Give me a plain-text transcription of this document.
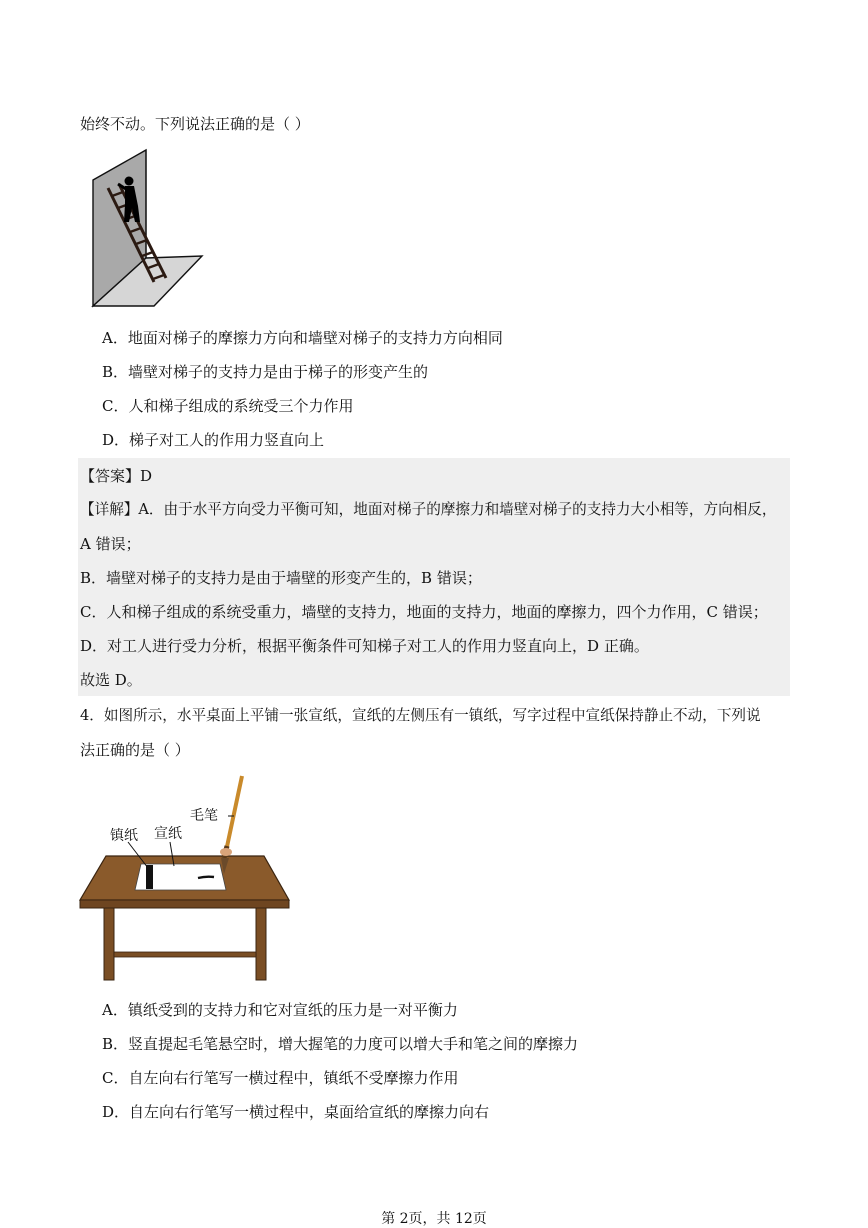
始终不动。下列说法正确的是（ ）
A．地面对梯子的摩擦力方向和墙壁对梯子的支持力方向相同
B．墙壁对梯子的支持力是由于梯子的形变产生的
C．人和梯子组成的系统受三个力作用
D．梯子对工人的作用力竖直向上
【答案】D
【详解】A．由于水平方向受力平衡可知，地面对梯子的摩擦力和墙壁对梯子的支持力大小相等，方向相反，
A 错误；
B．墙壁对梯子的支持力是由于墙壁的形变产生的，B 错误；
C．人和梯子组成的系统受重力，墙壁的支持力，地面的支持力，地面的摩擦力，四个力作用，C 错误；
D．对工人进行受力分析，根据平衡条件可知梯子对工人的作用力竖直向上，D 正确。
故选 D。
4．如图所示，水平桌面上平铺一张宣纸，宣纸的左侧压有一镇纸，写字过程中宣纸保持静止不动，下列说
法正确的是（ ）
毛笔
镇纸 宣纸
A．镇纸受到的支持力和它对宣纸的压力是一对平衡力
B．竖直提起毛笔悬空时，增大握笔的力度可以增大手和笔之间的摩擦力
C．自左向右行笔写一横过程中，镇纸不受摩擦力作用
D．自左向右行笔写一横过程中，桌面给宣纸的摩擦力向右
第 2页，共 12页
